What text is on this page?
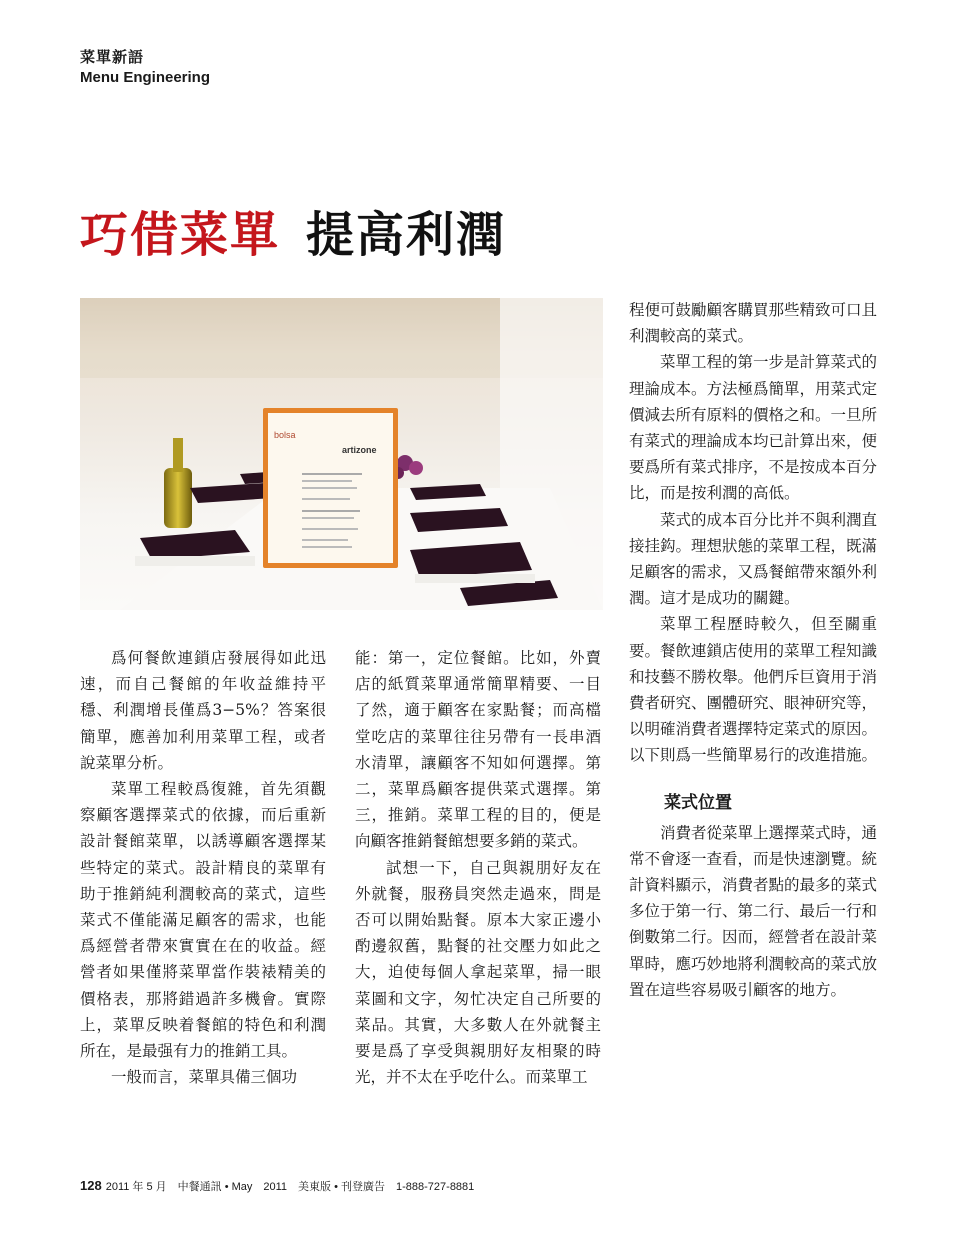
菜單新語
Menu Engineering
巧借菜單 提高利潤
bolsa
artizone

爲何餐飲連鎖店發展得如此迅速，而自己餐館的年收益維持平穩、利潤增長僅爲3−5%？答案很簡單，應善加利用菜單工程，或者說菜單分析。

菜單工程較爲復雜，首先須觀察顧客選擇菜式的依據，而后重新設計餐館菜單，以誘導顧客選擇某些特定的菜式。設計精良的菜單有助于推銷純利潤較高的菜式，這些菜式不僅能滿足顧客的需求，也能爲經營者帶來實實在在的收益。經營者如果僅將菜單當作裝裱精美的價格表，那將錯過許多機會。實際上，菜單反映着餐館的特色和利潤所在，是最强有力的推銷工具。

一般而言，菜單具備三個功

能：第一，定位餐館。比如，外賣店的紙質菜單通常簡單精要、一目了然，適于顧客在家點餐；而高檔堂吃店的菜單往往另帶有一長串酒水清單，讓顧客不知如何選擇。第二，菜單爲顧客提供菜式選擇。第三，推銷。菜單工程的目的，便是向顧客推銷餐館想要多銷的菜式。

試想一下，自己與親朋好友在外就餐，服務員突然走過來，問是否可以開始點餐。原本大家正邊小酌邊叙舊，點餐的社交壓力如此之大，迫使每個人拿起菜單，掃一眼菜圖和文字，匆忙决定自己所要的菜品。其實，大多數人在外就餐主要是爲了享受與親朋好友相聚的時光，并不太在乎吃什么。而菜單工

程便可鼓勵顧客購買那些精致可口且利潤較高的菜式。

菜單工程的第一步是計算菜式的理論成本。方法極爲簡單，用菜式定價減去所有原料的價格之和。一旦所有菜式的理論成本均已計算出來，便要爲所有菜式排序，不是按成本百分比，而是按利潤的高低。

菜式的成本百分比并不與利潤直接挂鈎。理想狀態的菜單工程，既滿足顧客的需求，又爲餐館帶來額外利潤。這才是成功的關鍵。

菜單工程歷時較久，但至關重要。餐飲連鎖店使用的菜單工程知識和技藝不勝枚舉。他們斥巨資用于消費者研究、團體研究、眼神研究等，以明確消費者選擇特定菜式的原因。以下則爲一些簡單易行的改進措施。

菜式位置

消費者從菜單上選擇菜式時，通常不會逐一查看，而是快速瀏覽。統計資料顯示，消費者點的最多的菜式多位于第一行、第二行、最后一行和倒數第二行。因而，經營者在設計菜單時，應巧妙地將利潤較高的菜式放置在這些容易吸引顧客的地方。

128 2011 年 5 月　中餐通訊 • May　2011　美東版 • 刊登廣告　1-888-727-8881
